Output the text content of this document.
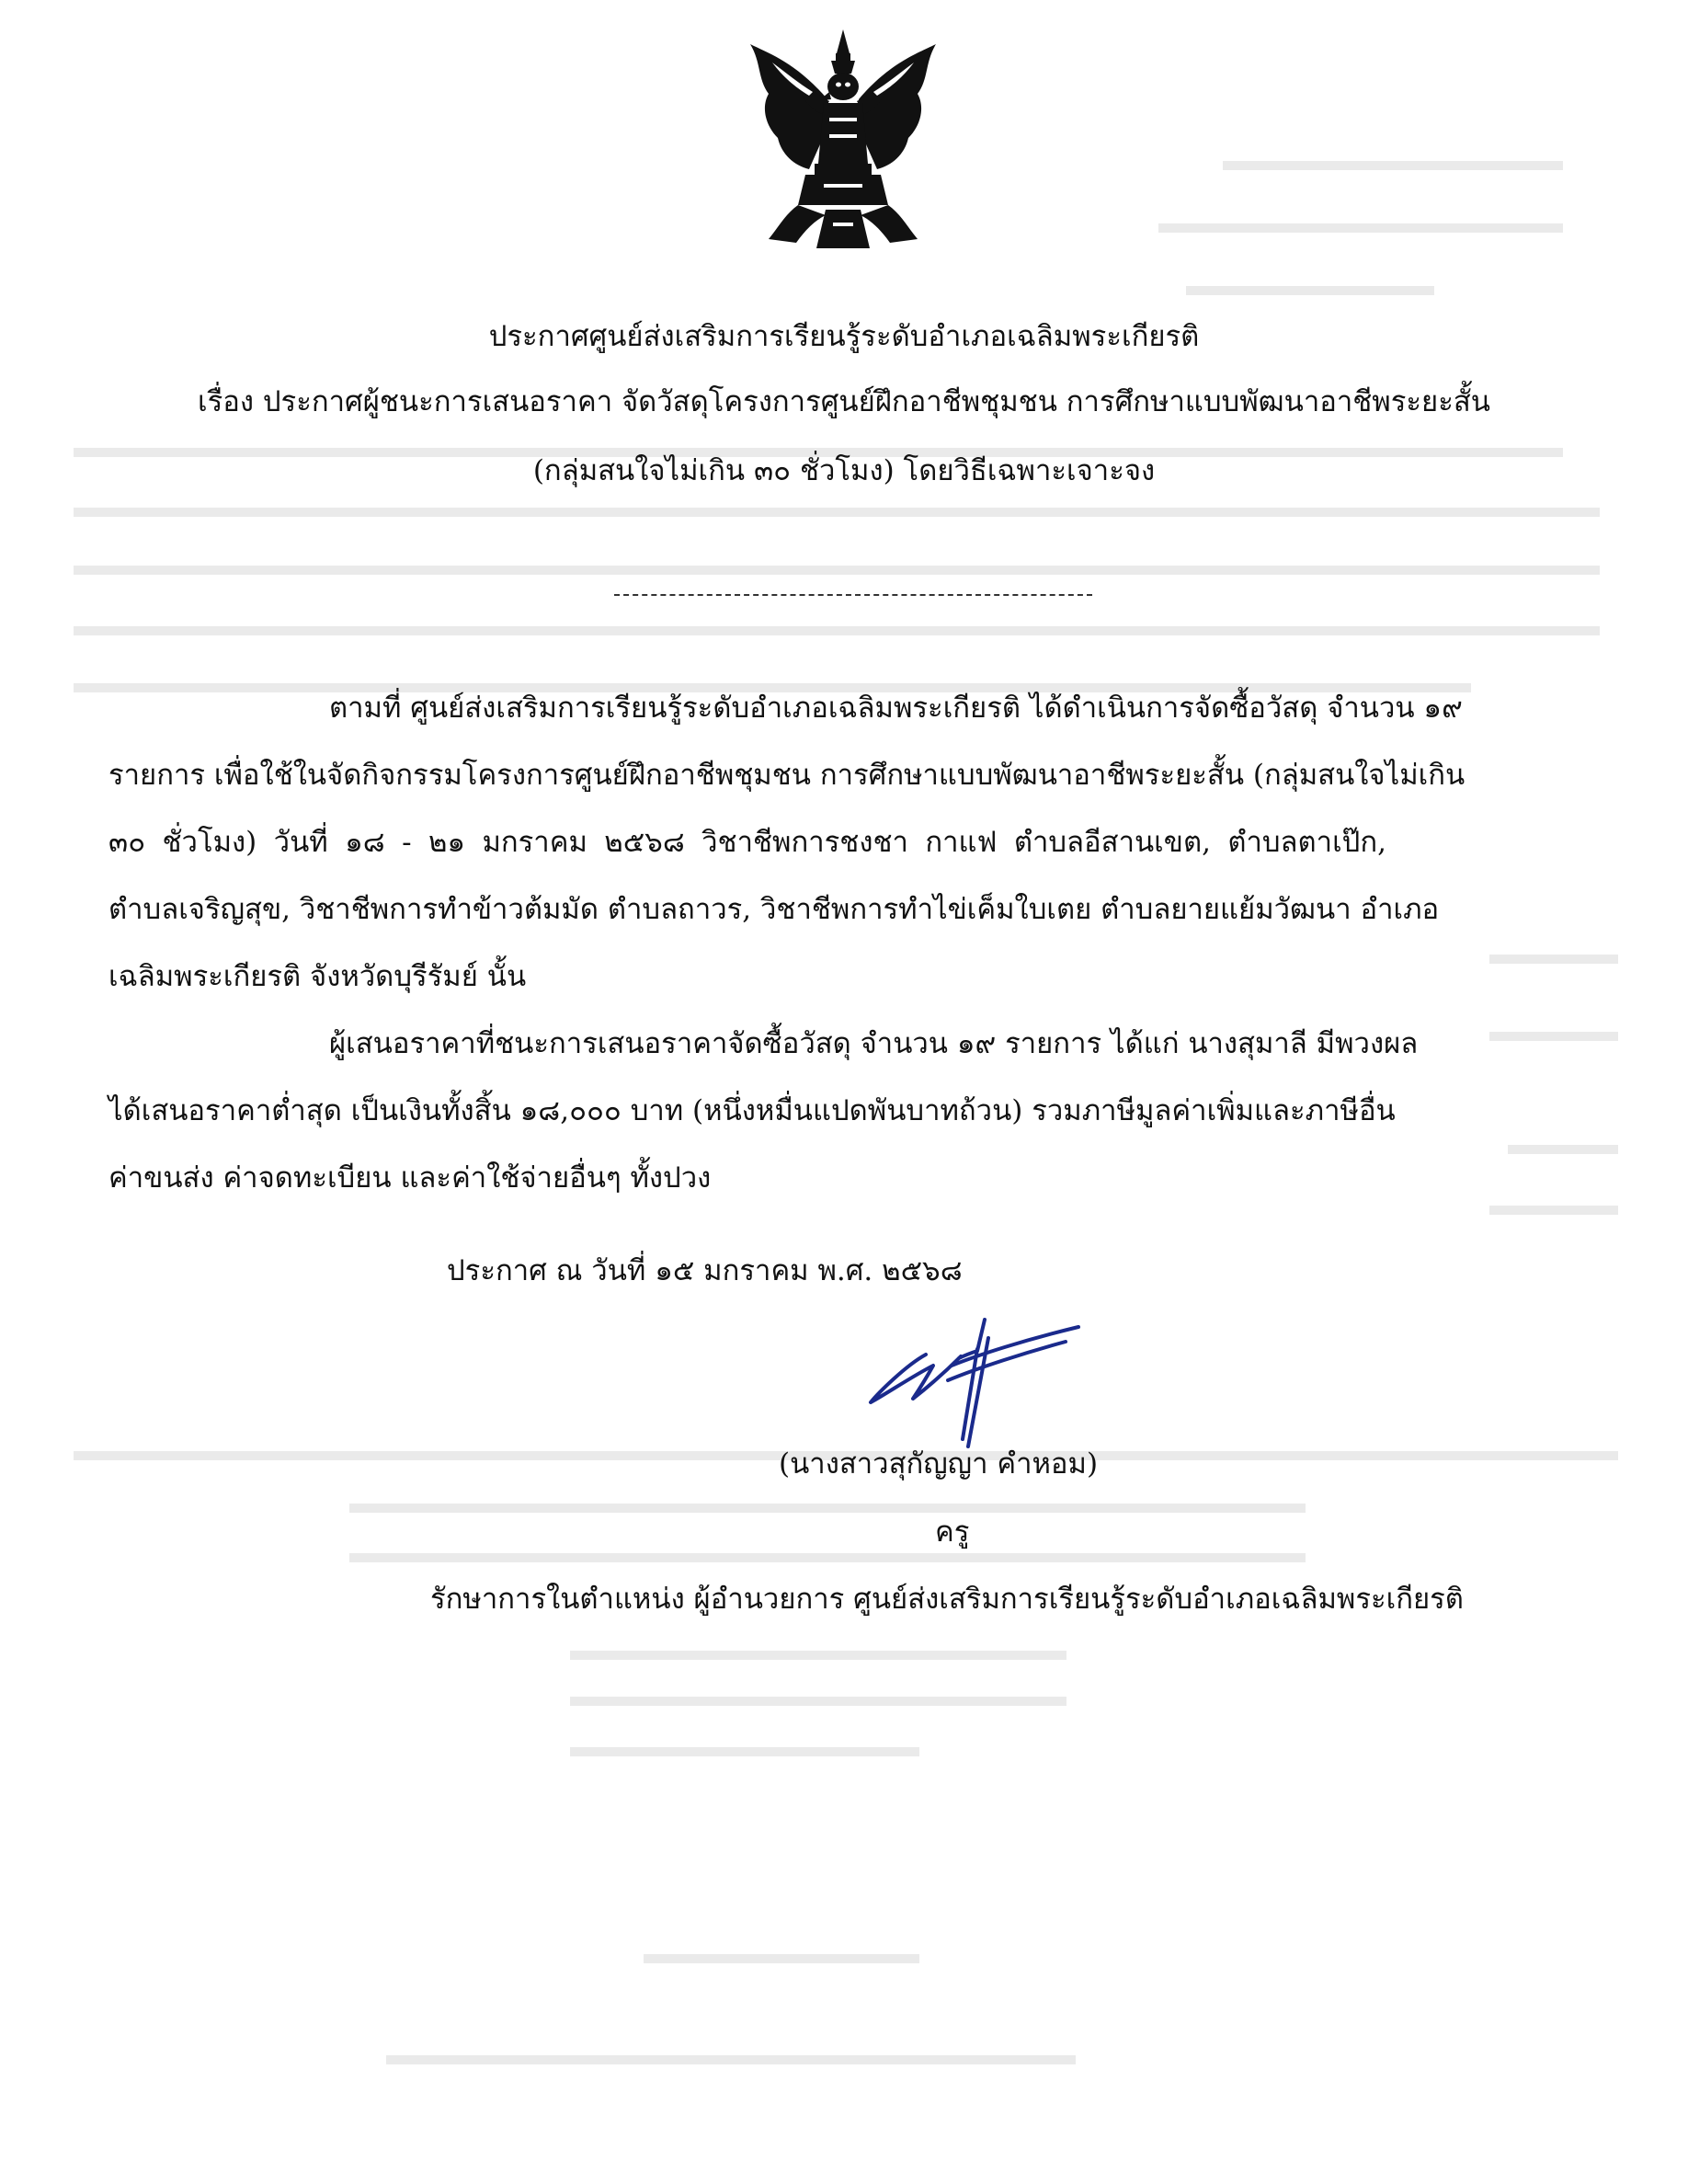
ประกาศศูนย์ส่งเสริมการเรียนรู้ระดับอำเภอเฉลิมพระเกียรติ
เรื่อง ประกาศผู้ชนะการเสนอราคา จัดวัสดุโครงการศูนย์ฝึกอาชีพชุมชน การศึกษาแบบพัฒนาอาชีพระยะสั้น
(กลุ่มสนใจไม่เกิน ๓๐ ชั่วโมง) โดยวิธีเฉพาะเจาะจง
ตามที่ ศูนย์ส่งเสริมการเรียนรู้ระดับอำเภอเฉลิมพระเกียรติ ได้ดำเนินการจัดซื้อวัสดุ จำนวน ๑๙
รายการ เพื่อใช้ในจัดกิจกรรมโครงการศูนย์ฝึกอาชีพชุมชน การศึกษาแบบพัฒนาอาชีพระยะสั้น (กลุ่มสนใจไม่เกิน
๓๐ ชั่วโมง) วันที่ ๑๘ - ๒๑ มกราคม ๒๕๖๘ วิชาชีพการชงชา กาแฟ ตำบลอีสานเขต, ตำบลตาเป๊ก,
ตำบลเจริญสุข, วิชาชีพการทำข้าวต้มมัด ตำบลถาวร, วิชาชีพการทำไข่เค็มใบเตย ตำบลยายแย้มวัฒนา อำเภอ
เฉลิมพระเกียรติ จังหวัดบุรีรัมย์ นั้น
ผู้เสนอราคาที่ชนะการเสนอราคาจัดซื้อวัสดุ จำนวน ๑๙ รายการ ได้แก่ นางสุมาลี มีพวงผล
ได้เสนอราคาต่ำสุด เป็นเงินทั้งสิ้น ๑๘,๐๐๐ บาท (หนึ่งหมื่นแปดพันบาทถ้วน) รวมภาษีมูลค่าเพิ่มและภาษีอื่น
ค่าขนส่ง ค่าจดทะเบียน และค่าใช้จ่ายอื่นๆ ทั้งปวง
ประกาศ ณ วันที่ ๑๕ มกราคม พ.ศ. ๒๕๖๘
(นางสาวสุกัญญา คำหอม)
ครู
รักษาการในตำแหน่ง ผู้อำนวยการ ศูนย์ส่งเสริมการเรียนรู้ระดับอำเภอเฉลิมพระเกียรติ
